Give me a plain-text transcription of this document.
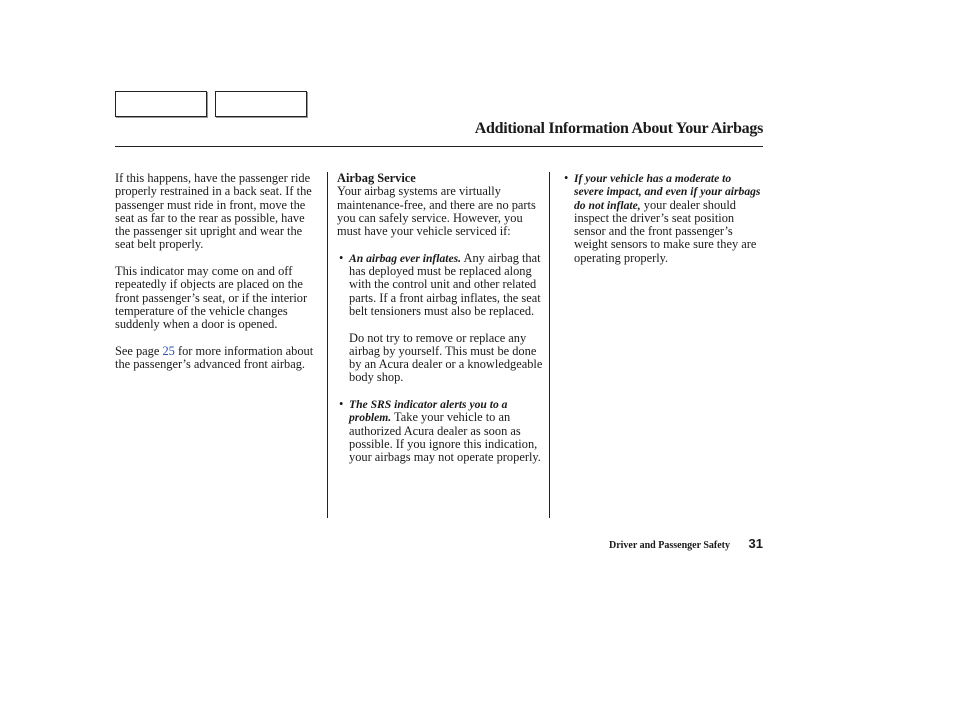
Additional Information About Your Airbags

If this happens, have the passenger ride properly restrained in a back seat. If the passenger must ride in front, move the seat as far to the rear as possible, have the passenger sit upright and wear the seat belt properly.

This indicator may come on and off repeatedly if objects are placed on the front passenger’s seat, or if the interior temperature of the vehicle changes suddenly when a door is opened.

See page 25 for more information about the passenger’s advanced front airbag.

Airbag Service
Your airbag systems are virtually maintenance-free, and there are no parts you can safely service. However, you must have your vehicle serviced if:

• An airbag ever inflates. Any airbag that has deployed must be replaced along with the control unit and other related parts. If a front airbag inflates, the seat belt tensioners must also be replaced.

Do not try to remove or replace any airbag by yourself. This must be done by an Acura dealer or a knowledgeable body shop.

• The SRS indicator alerts you to a problem. Take your vehicle to an authorized Acura dealer as soon as possible. If you ignore this indication, your airbags may not operate properly.
• If your vehicle has a moderate to severe impact, and even if your airbags do not inflate, your dealer should inspect the driver’s seat position sensor and the front passenger’s weight sensors to make sure they are operating properly.
Driver and Passenger Safety 31
